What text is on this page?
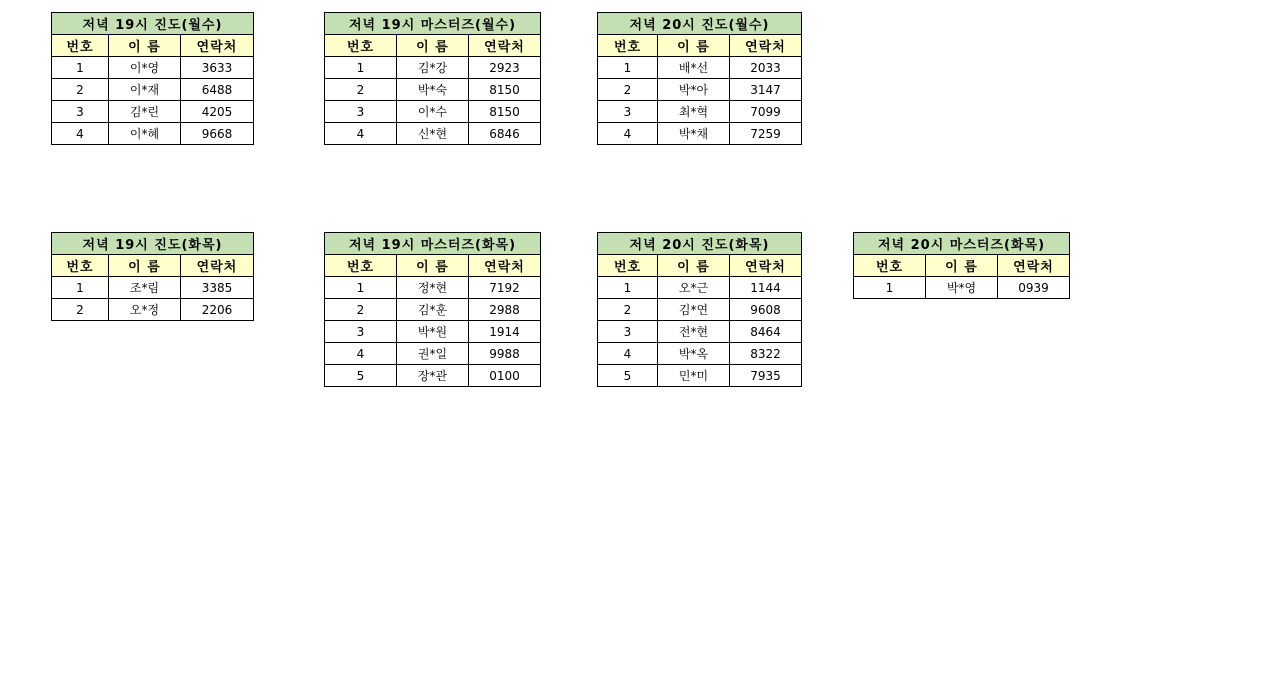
저녁 19시 진도(월수)		
번호	이 름	연락처
1	이*영	3633
2	이*재	6488
3	김*린	4205
4	이*혜	9668
저녁 19시 마스터즈(월수)		
번호	이 름	연락처
1	김*강	2923
2	박*숙	8150
3	이*수	8150
4	신*현	6846
저녁 20시 진도(월수)		
번호	이 름	연락처
1	배*선	2033
2	박*아	3147
3	최*혁	7099
4	박*채	7259
저녁 19시 진도(화목)		
번호	이 름	연락처
1	조*림	3385
2	오*정	2206
저녁 19시 마스터즈(화목)		
번호	이 름	연락처
1	정*현	7192
2	김*훈	2988
3	박*원	1914
4	권*일	9988
5	장*관	0100
저녁 20시 진도(화목)		
번호	이 름	연락처
1	오*근	1144
2	김*연	9608
3	전*현	8464
4	박*옥	8322
5	민*미	7935
저녁 20시 마스터즈(화목)		
번호	이 름	연락처
1	박*영	0939
